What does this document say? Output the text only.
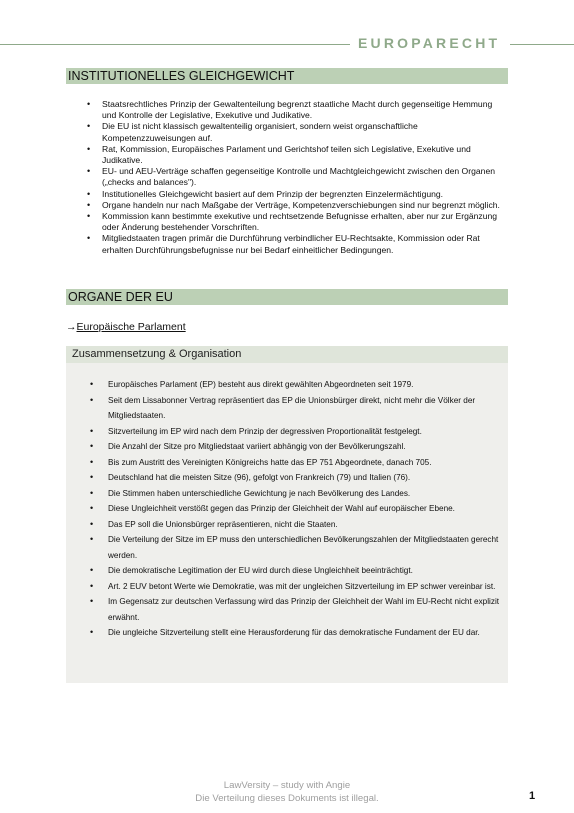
EUROPARECHT
INSTITUTIONELLES GLEICHGEWICHT
• Staatsrechtliches Prinzip der Gewaltenteilung begrenzt staatliche Macht durch gegenseitige Hemmung und Kontrolle der Legislative, Exekutive und Judikative.
• Die EU ist nicht klassisch gewaltenteilig organisiert, sondern weist organschaftliche Kompetenzzuweisungen auf.
• Rat, Kommission, Europäisches Parlament und Gerichtshof teilen sich Legislative, Exekutive und Judikative.
• EU- und AEU-Verträge schaffen gegenseitige Kontrolle und Machtgleichgewicht zwischen den Organen („checks and balances").
• Institutionelles Gleichgewicht basiert auf dem Prinzip der begrenzten Einzelermächtigung.
• Organe handeln nur nach Maßgabe der Verträge, Kompetenzverschiebungen sind nur begrenzt möglich.
• Kommission kann bestimmte exekutive und rechtsetzende Befugnisse erhalten, aber nur zur Ergänzung oder Änderung bestehender Vorschriften.
• Mitgliedstaaten tragen primär die Durchführung verbindlicher EU-Rechtsakte, Kommission oder Rat erhalten Durchführungsbefugnisse nur bei Bedarf einheitlicher Bedingungen.
ORGANE DER EU
→Europäische Parlament
Zusammensetzung & Organisation
• Europäisches Parlament (EP) besteht aus direkt gewählten Abgeordneten seit 1979.
• Seit dem Lissabonner Vertrag repräsentiert das EP die Unionsbürger direkt, nicht mehr die Völker der Mitgliedstaaten.
• Sitzverteilung im EP wird nach dem Prinzip der degressiven Proportionalität festgelegt.
• Die Anzahl der Sitze pro Mitgliedstaat variiert abhängig von der Bevölkerungszahl.
• Bis zum Austritt des Vereinigten Königreichs hatte das EP 751 Abgeordnete, danach 705.
• Deutschland hat die meisten Sitze (96), gefolgt von Frankreich (79) und Italien (76).
• Die Stimmen haben unterschiedliche Gewichtung je nach Bevölkerung des Landes.
• Diese Ungleichheit verstößt gegen das Prinzip der Gleichheit der Wahl auf europäischer Ebene.
• Das EP soll die Unionsbürger repräsentieren, nicht die Staaten.
• Die Verteilung der Sitze im EP muss den unterschiedlichen Bevölkerungszahlen der Mitgliedstaaten gerecht werden.
• Die demokratische Legitimation der EU wird durch diese Ungleichheit beeinträchtigt.
• Art. 2 EUV betont Werte wie Demokratie, was mit der ungleichen Sitzverteilung im EP schwer vereinbar ist.
• Im Gegensatz zur deutschen Verfassung wird das Prinzip der Gleichheit der Wahl im EU-Recht nicht explizit erwähnt.
• Die ungleiche Sitzverteilung stellt eine Herausforderung für das demokratische Fundament der EU dar.
LawVersity – study with Angie
Die Verteilung dieses Dokuments ist illegal.	1
